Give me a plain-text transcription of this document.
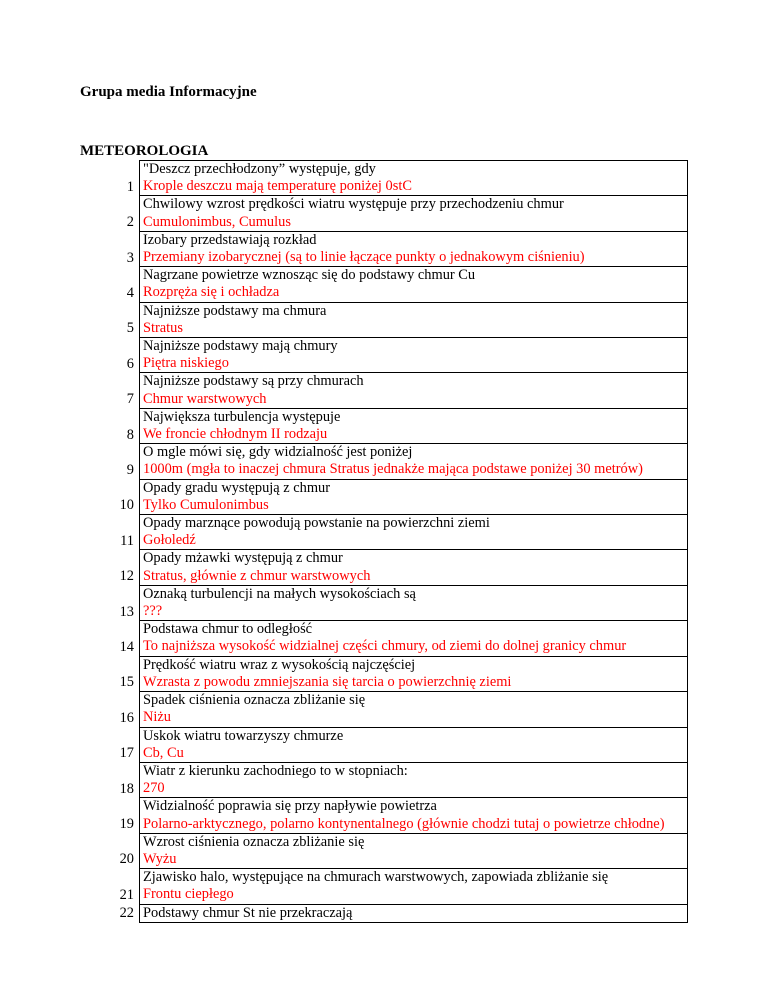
Grupa media Informacyjne

METEOROLOGIA

1	"Deszcz przechłodzony” występuje, gdy
Krople deszczu mają temperaturę poniżej 0stC

2	Chwilowy wzrost prędkości wiatru występuje przy przechodzeniu chmur
Cumulonimbus, Cumulus

3	Izobary przedstawiają rozkład
Przemiany izobarycznej (są to linie łączące punkty o jednakowym ciśnieniu)

4	Nagrzane powietrze wznosząc się do podstawy chmur Cu
Rozpręża się i ochładza

5	Najniższe podstawy ma chmura
Stratus

6	Najniższe podstawy mają chmury
Piętra niskiego

7	Najniższe podstawy są przy chmurach
Chmur warstwowych

8	Największa turbulencja występuje
We froncie chłodnym II rodzaju

9	O mgle mówi się, gdy widzialność jest poniżej
1000m (mgła to inaczej chmura Stratus jednakże mająca podstawe poniżej 30 metrów)

10	Opady gradu występują z chmur
Tylko Cumulonimbus

11	Opady marznące powodują powstanie na powierzchni ziemi
Gołoledź

12	Opady mżawki występują z chmur
Stratus, głównie z chmur warstwowych

13	Oznaką turbulencji na małych wysokościach są
???

14	Podstawa chmur to odległość
To najniższa wysokość widzialnej części chmury, od ziemi do dolnej granicy chmur

15	Prędkość wiatru wraz z wysokością najczęściej
Wzrasta z powodu zmniejszania się tarcia o powierzchnię ziemi

16	Spadek ciśnienia oznacza zbliżanie się
Niżu

17	Uskok wiatru towarzyszy chmurze
Cb, Cu

18	Wiatr z kierunku zachodniego to w stopniach:
270

19	Widzialność poprawia się przy napływie powietrza
Polarno-arktycznego, polarno kontynentalnego (głównie chodzi tutaj o powietrze chłodne)

20	Wzrost ciśnienia oznacza zbliżanie się
Wyżu

21	Zjawisko halo, występujące na chmurach warstwowych, zapowiada zbliżanie się
Frontu ciepłego

22	Podstawy chmur St nie przekraczają
